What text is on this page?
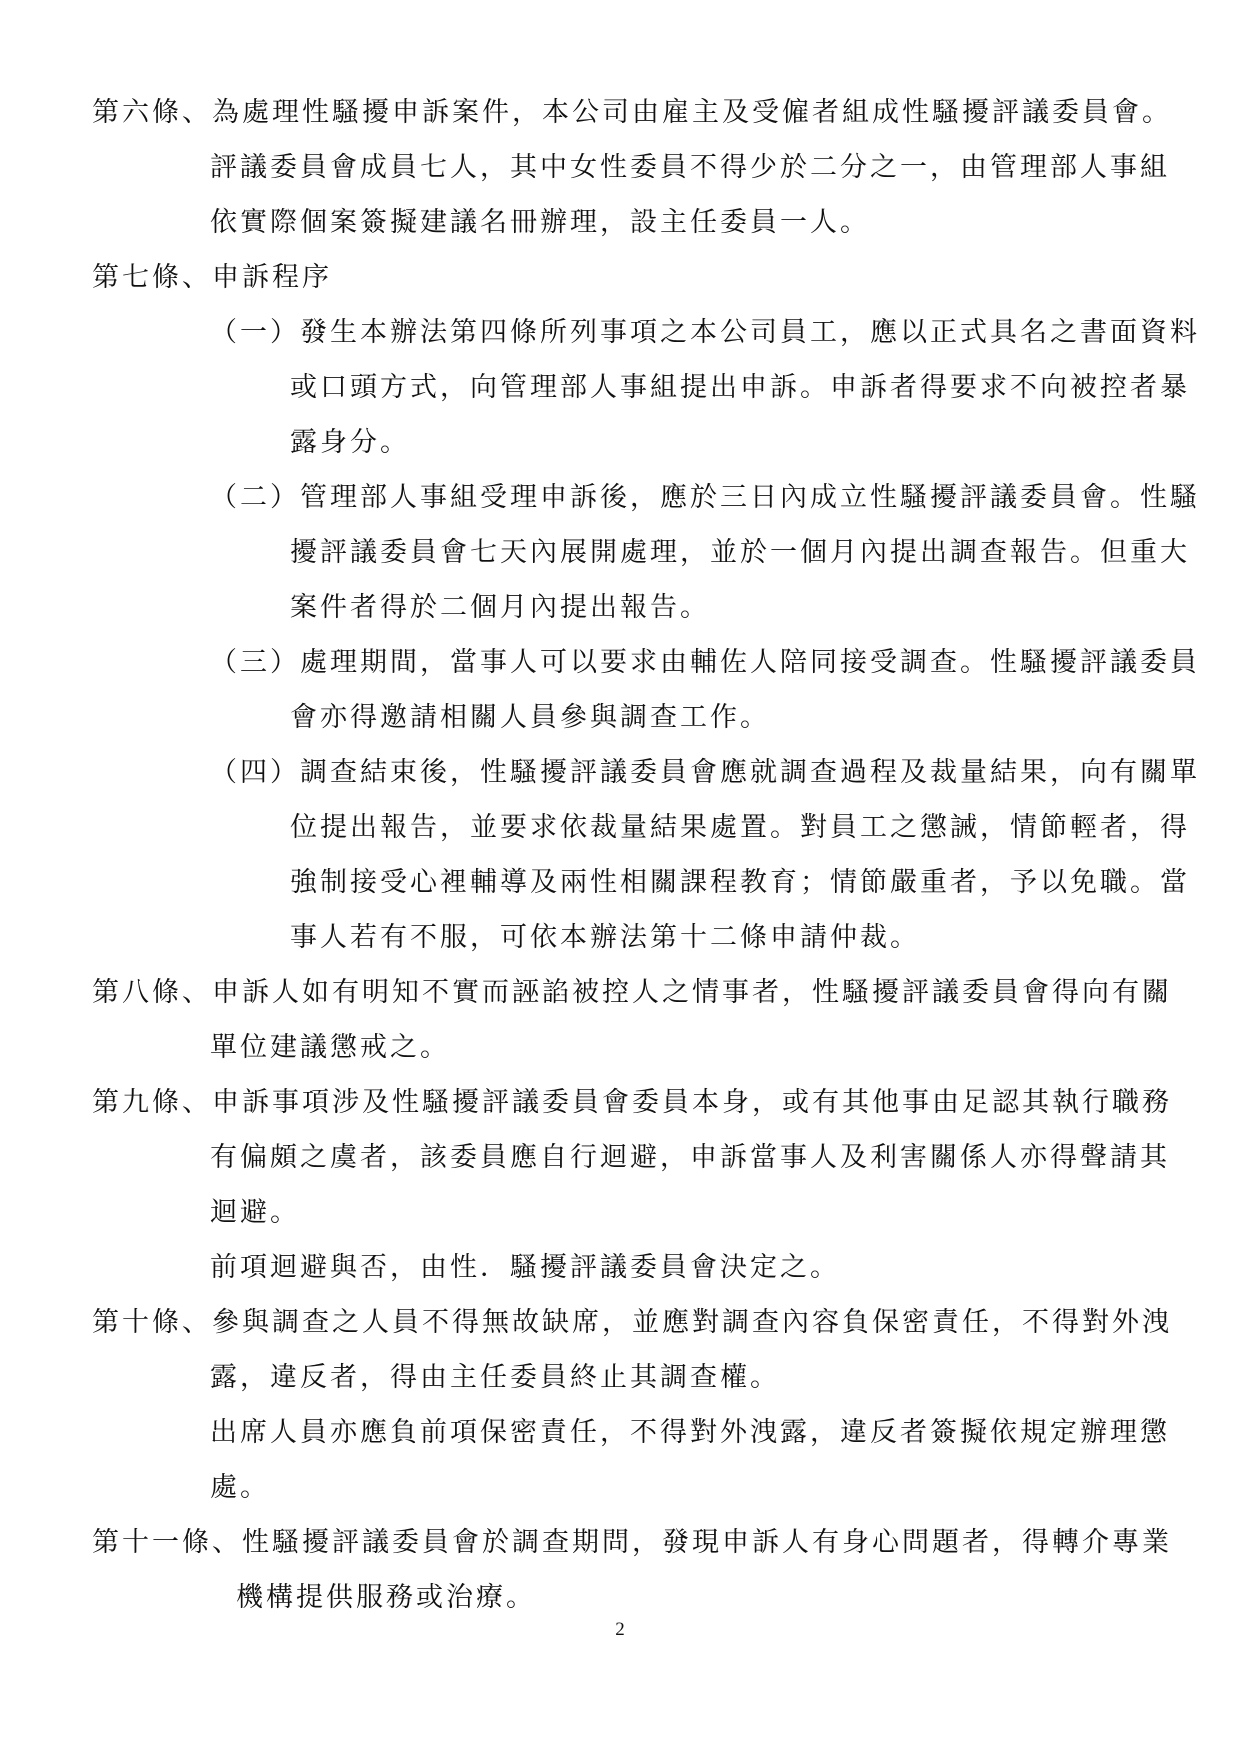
第六條、為處理性騷擾申訴案件，本公司由雇主及受僱者組成性騷擾評議委員會。
評議委員會成員七人，其中女性委員不得少於二分之一，由管理部人事組
依實際個案簽擬建議名冊辦理，設主任委員一人。
第七條、申訴程序
（一）發生本辦法第四條所列事項之本公司員工，應以正式具名之書面資料
或口頭方式，向管理部人事組提出申訴。申訴者得要求不向被控者暴
露身分。
（二）管理部人事組受理申訴後，應於三日內成立性騷擾評議委員會。性騷
擾評議委員會七天內展開處理，並於一個月內提出調查報告。但重大
案件者得於二個月內提出報告。
（三）處理期間，當事人可以要求由輔佐人陪同接受調查。性騷擾評議委員
會亦得邀請相關人員參與調查工作。
（四）調查結束後，性騷擾評議委員會應就調查過程及裁量結果，向有關單
位提出報告，並要求依裁量結果處置。對員工之懲誡，情節輕者，得
強制接受心裡輔導及兩性相關課程教育；情節嚴重者，予以免職。當
事人若有不服，可依本辦法第十二條申請仲裁。
第八條、申訴人如有明知不實而誣諂被控人之情事者，性騷擾評議委員會得向有關
單位建議懲戒之。
第九條、申訴事項涉及性騷擾評議委員會委員本身，或有其他事由足認其執行職務
有偏頗之虞者，該委員應自行迴避，申訴當事人及利害關係人亦得聲請其
迴避。
前項迴避與否，由性．騷擾評議委員會決定之。
第十條、參與調查之人員不得無故缺席，並應對調查內容負保密責任，不得對外洩
露，違反者，得由主任委員終止其調查權。
出席人員亦應負前項保密責任，不得對外洩露，違反者簽擬依規定辦理懲
處。
第十一條、性騷擾評議委員會於調查期問，發現申訴人有身心問題者，得轉介專業
機構提供服務或治療。
2
